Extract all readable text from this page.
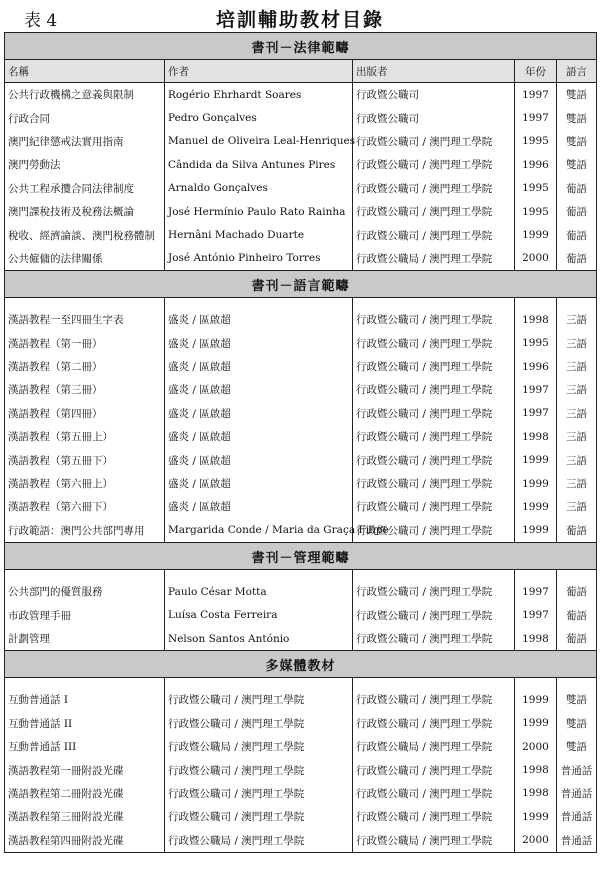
表 4	培訓輔助教材目錄
書刊－法律範疇				
名稱	作者	出版者	年份	語言
公共行政機構之意義與限制	Rogério Ehrhardt Soares	行政暨公職司	1997	雙語
行政合同	Pedro Gonçalves	行政暨公職司	1997	雙語
澳門紀律懲戒法實用指南	Manuel de Oliveira Leal-Henriques	行政暨公職司 / 澳門理工學院	1995	雙語
澳門勞動法	Cândida da Silva Antunes Pires	行政暨公職司 / 澳門理工學院	1996	雙語
公共工程承攬合同法律制度	Arnaldo Gonçalves	行政暨公職司 / 澳門理工學院	1995	葡語
澳門課稅技術及稅務法概論	José Hermínio Paulo Rato Rainha	行政暨公職司 / 澳門理工學院	1995	葡語
稅收、經濟論談、澳門稅務體制	Hernâni Machado Duarte	行政暨公職司 / 澳門理工學院	1999	葡語
公共僱傭的法律關係	José António Pinheiro Torres	行政暨公職局 / 澳門理工學院	2000	葡語
書刊－語言範疇				

漢語教程一至四冊生字表	盛炎 / 區啟超	行政暨公職司 / 澳門理工學院	1998	三語
漢語教程（第一冊）	盛炎 / 區啟超	行政暨公職司 / 澳門理工學院	1995	三語
漢語教程（第二冊）	盛炎 / 區啟超	行政暨公職司 / 澳門理工學院	1996	三語
漢語教程（第三冊）	盛炎 / 區啟超	行政暨公職司 / 澳門理工學院	1997	三語
漢語教程（第四冊）	盛炎 / 區啟超	行政暨公職司 / 澳門理工學院	1997	三語
漢語教程（第五冊上）	盛炎 / 區啟超	行政暨公職司 / 澳門理工學院	1998	三語
漢語教程（第五冊下）	盛炎 / 區啟超	行政暨公職司 / 澳門理工學院	1999	三語
漢語教程（第六冊上）	盛炎 / 區啟超	行政暨公職司 / 澳門理工學院	1999	三語
漢語教程（第六冊下）	盛炎 / 區啟超	行政暨公職司 / 澳門理工學院	1999	三語
行政範語：澳門公共部門專用	Margarida Conde / Maria da Graça Filipe	行政暨公職司 / 澳門理工學院	1999	葡語
書刊－管理範疇				

公共部門的優質服務	Paulo César Motta	行政暨公職司 / 澳門理工學院	1997	葡語
市政管理手冊	Luísa Costa Ferreira	行政暨公職司 / 澳門理工學院	1997	葡語
計劃管理	Nelson Santos António	行政暨公職司 / 澳門理工學院	1998	葡語
多媒體教材				

互動普通話 I	行政暨公職司 / 澳門理工學院	行政暨公職司 / 澳門理工學院	1999	雙語
互動普通話 II	行政暨公職司 / 澳門理工學院	行政暨公職司 / 澳門理工學院	1999	雙語
互動普通話 III	行政暨公職局 / 澳門理工學院	行政暨公職局 / 澳門理工學院	2000	雙語
漢語教程第一冊附設光碟	行政暨公職司 / 澳門理工學院	行政暨公職司 / 澳門理工學院	1998	普通話
漢語教程第二冊附設光碟	行政暨公職司 / 澳門理工學院	行政暨公職司 / 澳門理工學院	1998	普通話
漢語教程第三冊附設光碟	行政暨公職司 / 澳門理工學院	行政暨公職司 / 澳門理工學院	1999	普通話
漢語教程第四冊附設光碟	行政暨公職局 / 澳門理工學院	行政暨公職局 / 澳門理工學院	2000	普通話
